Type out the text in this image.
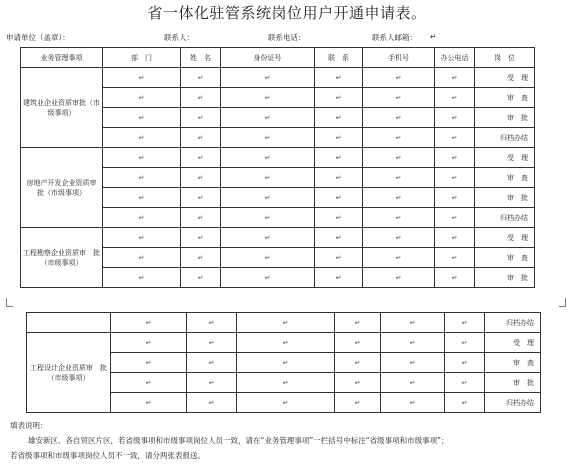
省一体化驻管系统岗位用户开通申请表。
申请单位（盖章）：	联系人：	联系电话：	联系人邮箱： ↵
业务管理事项	部　门	姓　名	身份证号	联　系	手机号	办公电话	岗　位
建筑业企业资质审批（市级事项）	↵	↵	↵	↵	↵	↵	受　理
	↵	↵	↵	↵	↵	↵	审　查
	↵	↵	↵	↵	↵	↵	审　批
	↵	↵	↵	↵	↵	↵	归档办结
房地产开发企业资质审　批（市级事项）	↵	↵	↵	↵	↵	↵	受　理
	↵	↵	↵	↵	↵	↵	审　查
	↵	↵	↵	↵	↵	↵	审　批
	↵	↵	↵	↵	↵	↵	归档办结
工程勘察企业资质审　批（市级事项）	↵	↵	↵	↵	↵	↵	受　理
	↵	↵	↵	↵	↵	↵	审　查
	↵	↵	↵	↵	↵	↵	审　批
	↵	↵	↵	↵	↵	↵	归档办结
工程设计企业资质审　批（市级事项）	↵	↵	↵	↵	↵	↵	受　理
	↵	↵	↵	↵	↵	↵	审　查
	↵	↵	↵	↵	↵	↵	审　批
	↵	↵	↵	↵	↵	↵	归档办结
填表说明：
雄安新区、各自贸区片区，若省级事项和市级事项岗位人员一致，请在“业务管理事项”一栏括号中标注“省级事项和市级事项”；
若省级事项和市级事项岗位人员不一致，请分两张表报送。
